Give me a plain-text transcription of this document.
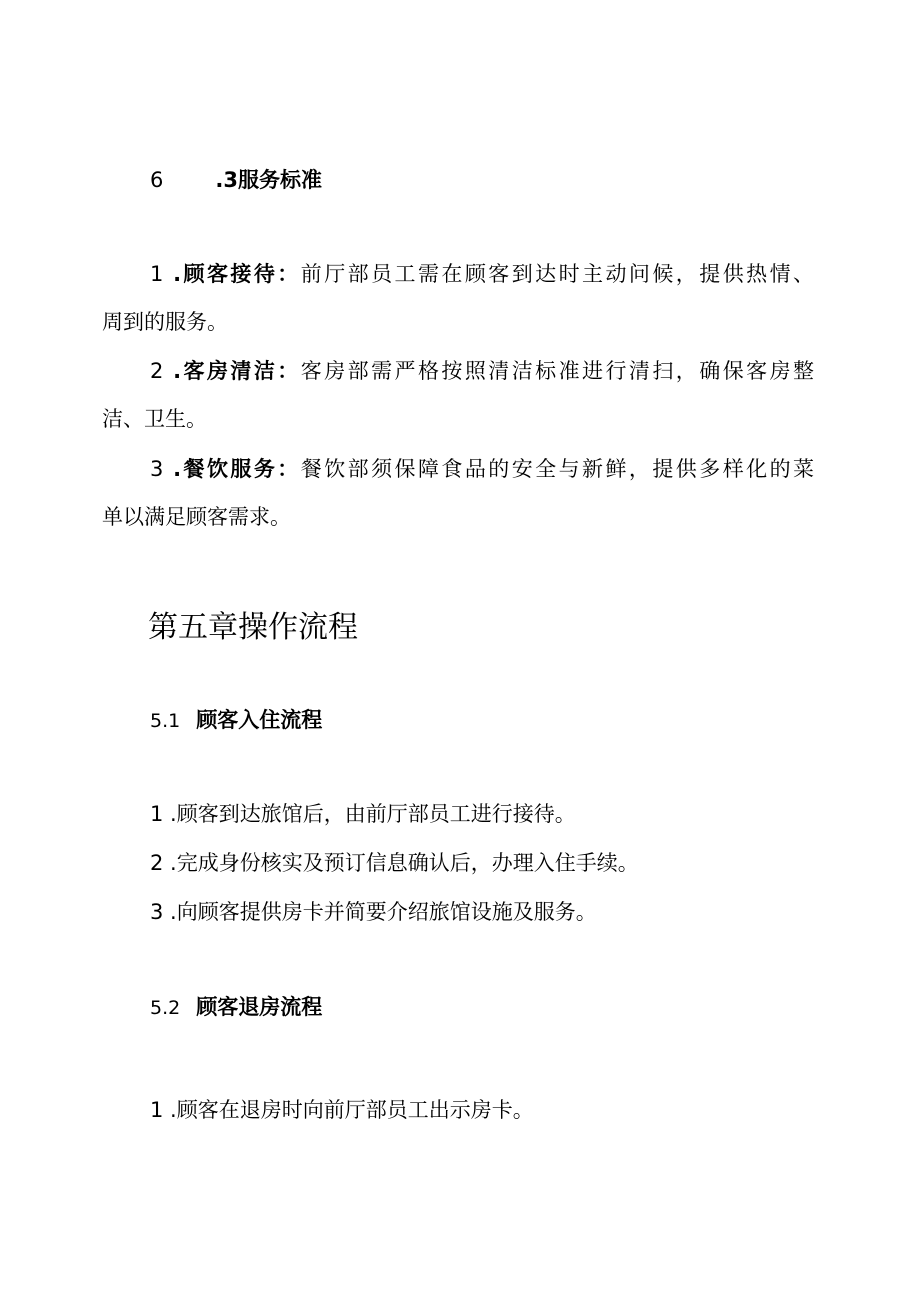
6 .3服务标准
1 .顾客接待：前厅部员工需在顾客到达时主动问候，提供热情、
周到的服务。
2 .客房清洁：客房部需严格按照清洁标准进行清扫，确保客房整
洁、卫生。
3 .餐饮服务：餐饮部须保障食品的安全与新鲜，提供多样化的菜
单以满足顾客需求。
第五章操作流程
5.1 顾客入住流程
1 .顾客到达旅馆后，由前厅部员工进行接待。
2 .完成身份核实及预订信息确认后，办理入住手续。
3 .向顾客提供房卡并简要介绍旅馆设施及服务。
5.2 顾客退房流程
1 .顾客在退房时向前厅部员工出示房卡。
